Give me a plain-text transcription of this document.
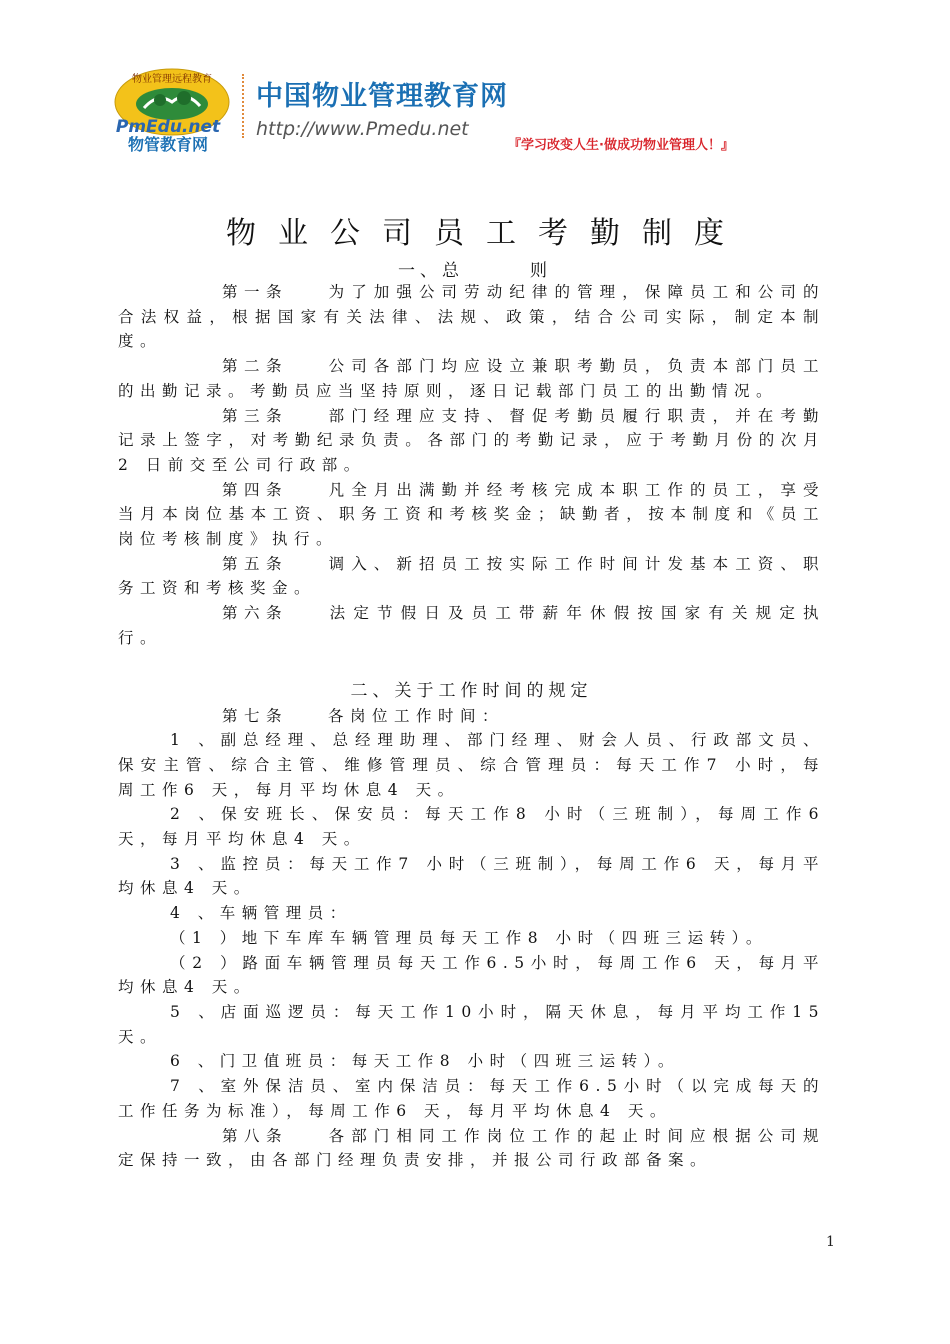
物业管理远程教育
PmEdu.net
物管教育网
中国物业管理教育网
http://www.Pmedu.net
『学习改变人生·做成功物业管理人！』
物业公司员工考勤制度
一、总　　　则

第一条	为了加强公司劳动纪律的管理，保障员工和公司的合法权益，根据国家有关法律、法规、政策，结合公司实际，制定本制度。

第二条	公司各部门均应设立兼职考勤员，负责本部门员工的出勤记录。考勤员应当坚持原则，逐日记载部门员工的出勤情况。

第三条	部门经理应支持、督促考勤员履行职责，并在考勤记录上签字，对考勤纪录负责。各部门的考勤记录，应于考勤月份的次月2 日前交至公司行政部。

第四条	凡全月出满勤并经考核完成本职工作的员工，享受当月本岗位基本工资、职务工资和考核奖金；缺勤者，按本制度和《员工岗位考核制度》执行。

第五条	调入、新招员工按实际工作时间计发基本工资、职务工资和考核奖金。

第六条	法定节假日及员工带薪年休假按国家有关规定执行。

二、关于工作时间的规定

第七条	各岗位工作时间：

1 、副总经理、总经理助理、部门经理、财会人员、行政部文员、保安主管、综合主管、维修管理员、综合管理员：每天工作7 小时，每周工作6 天，每月平均休息4 天。

2 、保安班长、保安员：每天工作8 小时（三班制），每周工作6 天，每月平均休息4 天。

3 、监控员：每天工作7 小时（三班制），每周工作6 天，每月平均休息4 天。

4 、车辆管理员：

（1 ）地下车库车辆管理员每天工作8 小时（四班三运转）。

（2 ）路面车辆管理员每天工作6.5小时，每周工作6 天，每月平均休息4 天。

5 、店面巡逻员：每天工作10小时，隔天休息，每月平均工作15天。

6 、门卫值班员：每天工作8 小时（四班三运转）。

7 、室外保洁员、室内保洁员：每天工作6.5小时（以完成每天的工作任务为标准），每周工作6 天，每月平均休息4 天。

第八条	各部门相同工作岗位工作的起止时间应根据公司规定保持一致，由各部门经理负责安排，并报公司行政部备案。

1
